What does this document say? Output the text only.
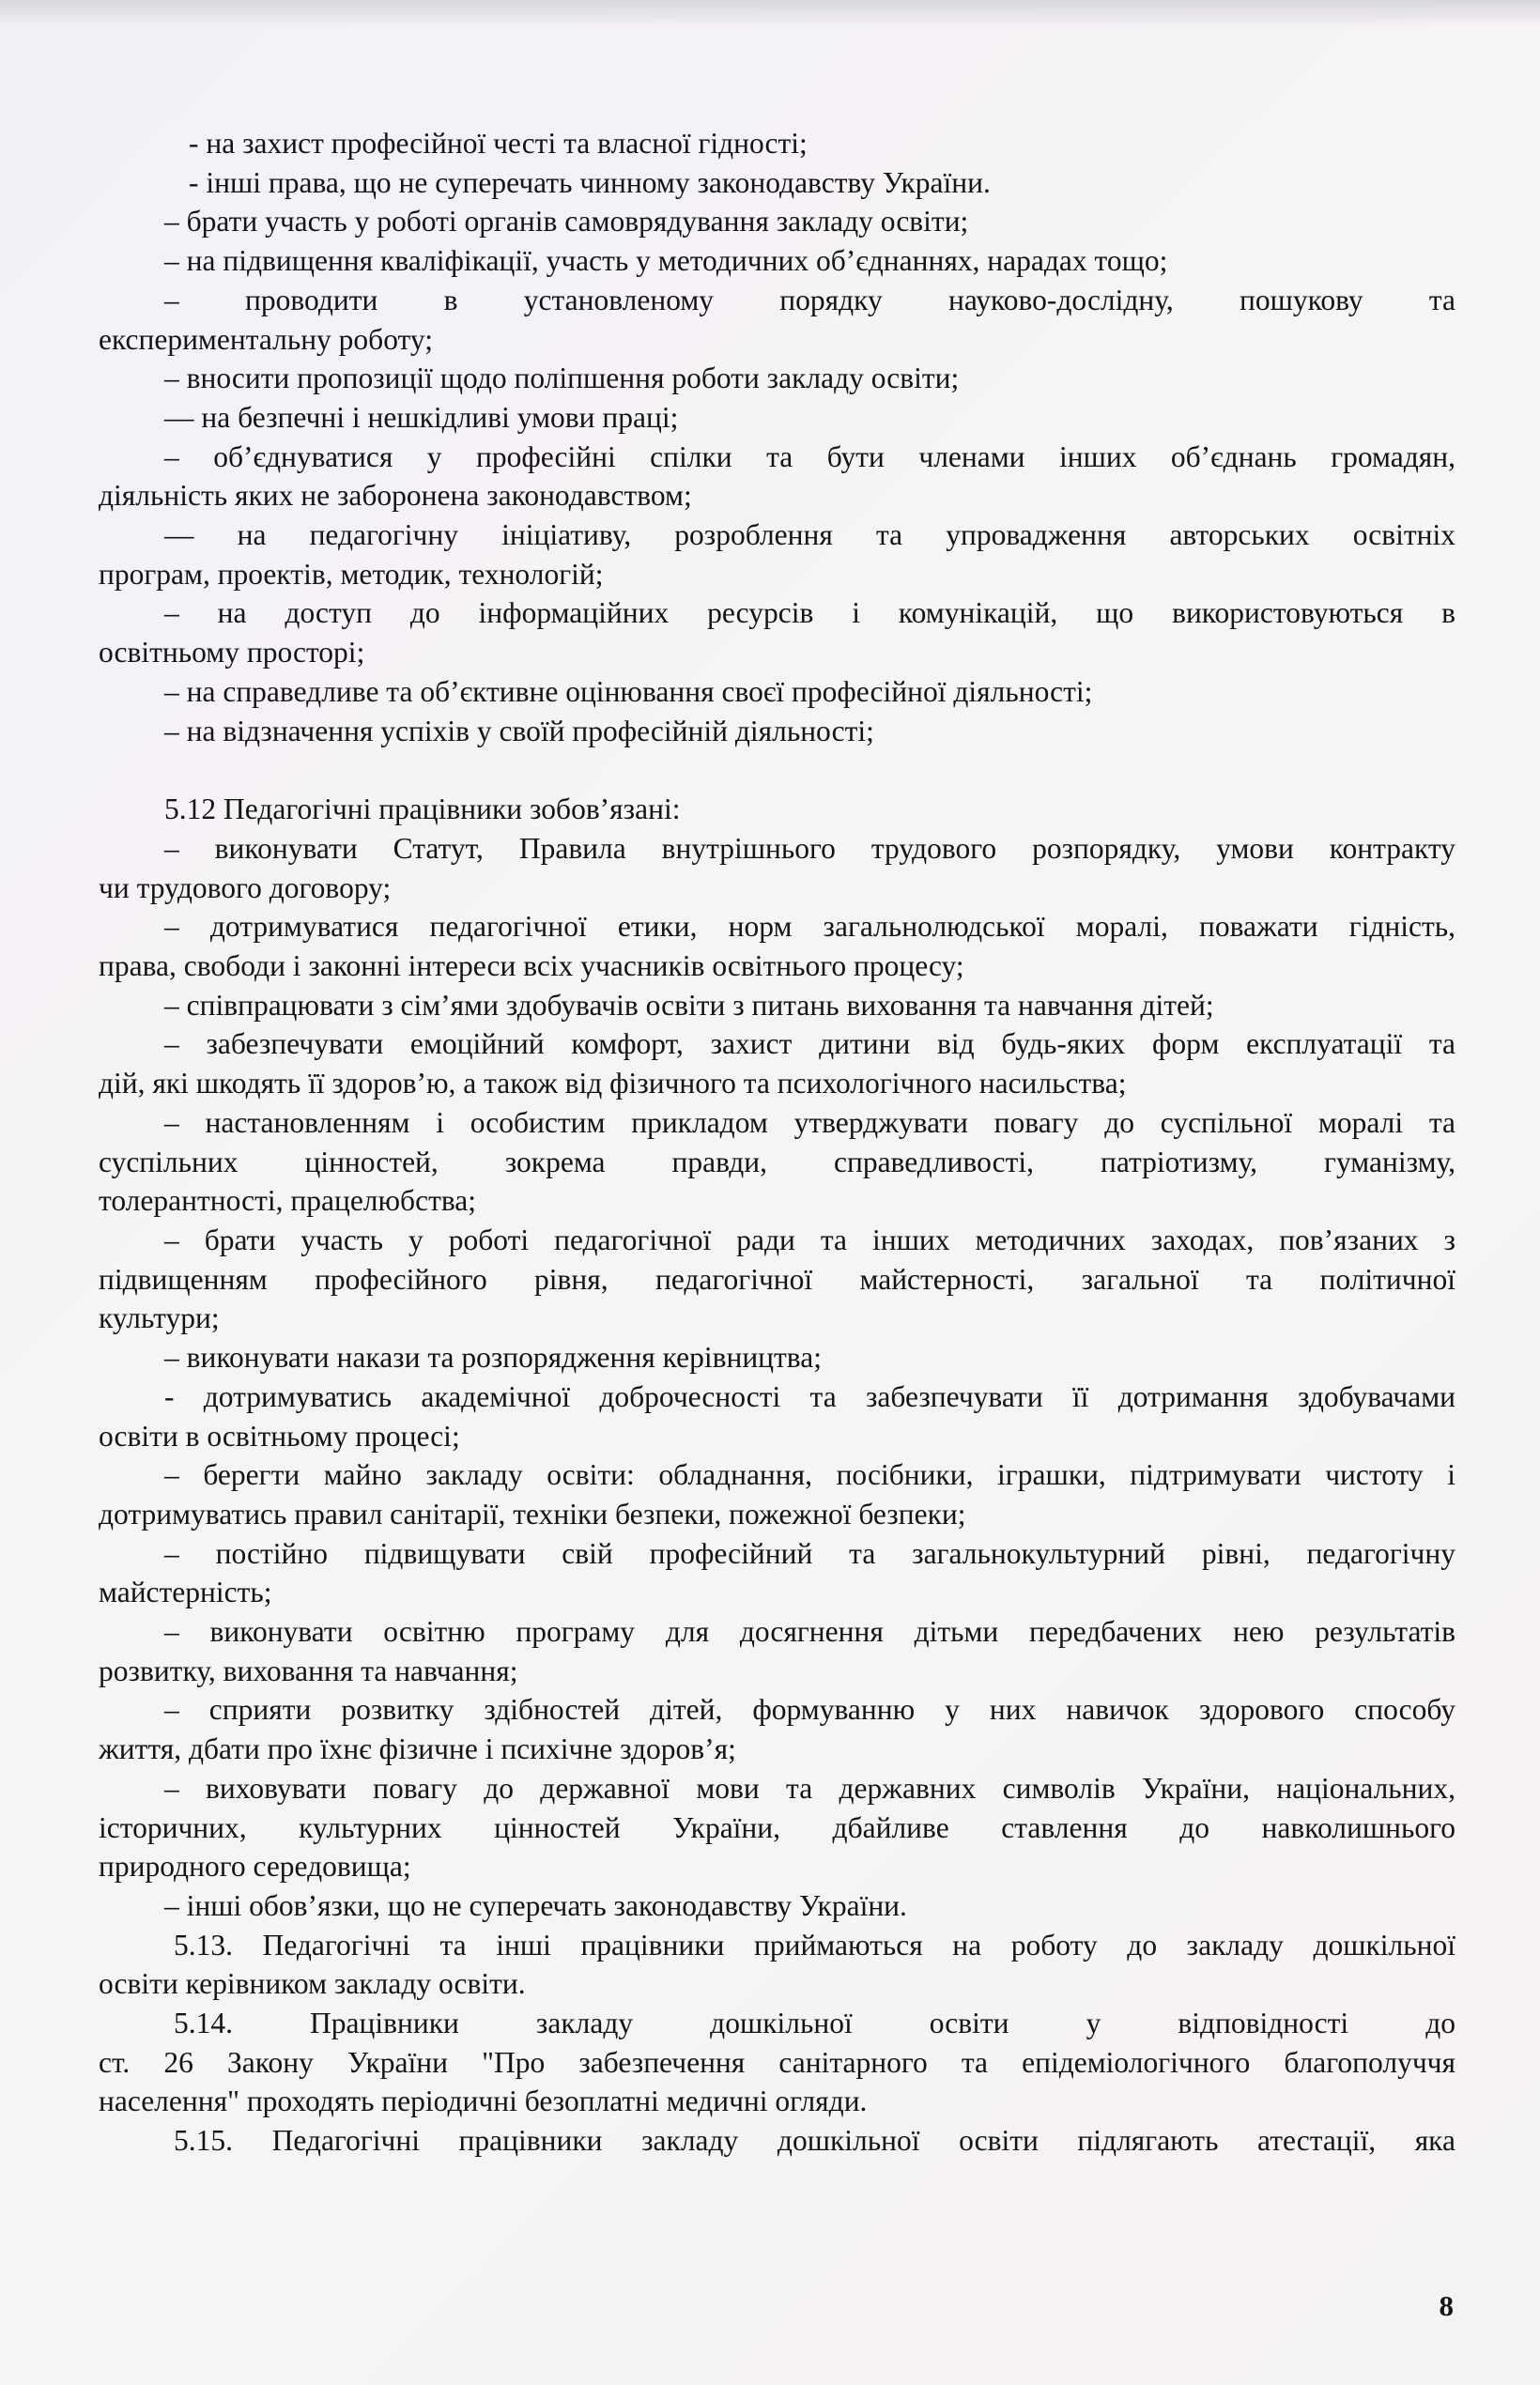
- на захист професійної честі та власної гідності;

- інші права, що не суперечать чинному законодавству України.

– брати участь у роботі органів самоврядування закладу освіти;

– на підвищення кваліфікації, участь у методичних об’єднаннях, нарадах тощо;

– проводити в установленому порядку науково-дослідну, пошукову та

експериментальну роботу;

– вносити пропозиції щодо поліпшення роботи закладу освіти;

— на безпечні і нешкідливі умови праці;

– об’єднуватися у професійні спілки та бути членами інших об’єднань громадян,

діяльність яких не заборонена законодавством;

— на педагогічну ініціативу, розроблення та упровадження авторських освітніх

програм, проектів, методик, технологій;

– на доступ до інформаційних ресурсів і комунікацій, що використовуються в

освітньому просторі;

– на справедливе та об’єктивне оцінювання своєї професійної діяльності;

– на відзначення успіхів у своїй професійній діяльності;

5.12 Педагогічні працівники зобов’язані:

– виконувати Статут, Правила внутрішнього трудового розпорядку, умови контракту

чи трудового договору;

– дотримуватися педагогічної етики, норм загальнолюдської моралі, поважати гідність,

права, свободи і законні інтереси всіх учасників освітнього процесу;

– співпрацювати з сім’ями здобувачів освіти з питань виховання та навчання дітей;

– забезпечувати емоційний комфорт, захист дитини від будь-яких форм експлуатації та

дій, які шкодять її здоров’ю, а також від фізичного та психологічного насильства;

– настановленням і особистим прикладом утверджувати повагу до суспільної моралі та

суспільних цінностей, зокрема правди, справедливості, патріотизму, гуманізму,

толерантності, працелюбства;

– брати участь у роботі педагогічної ради та інших методичних заходах, пов’язаних з

підвищенням професійного рівня, педагогічної майстерності, загальної та політичної

культури;

– виконувати накази та розпорядження керівництва;

- дотримуватись академічної доброчесності та забезпечувати її дотримання здобувачами

освіти в освітньому процесі;

– берегти майно закладу освіти: обладнання, посібники, іграшки, підтримувати чистоту і

дотримуватись правил санітарії, техніки безпеки, пожежної безпеки;

– постійно підвищувати свій професійний та загальнокультурний рівні, педагогічну

майстерність;

– виконувати освітню програму для досягнення дітьми передбачених нею результатів

розвитку, виховання та навчання;

– сприяти розвитку здібностей дітей, формуванню у них навичок здорового способу

життя, дбати про їхнє фізичне і психічне здоров’я;

– виховувати повагу до державної мови та державних символів України, національних,

історичних, культурних цінностей України, дбайливе ставлення до навколишнього

природного середовища;

– інші обов’язки, що не суперечать законодавству України.

5.13. Педагогічні та інші працівники приймаються на роботу до закладу дошкільної

освіти керівником закладу освіти.

5.14. Працівники закладу дошкільної освіти у відповідності до

ст. 26 Закону України "Про забезпечення санітарного та епідеміологічного благополуччя

населення" проходять періодичні безоплатні медичні огляди.

5.15. Педагогічні працівники закладу дошкільної освіти підлягають атестації, яка

8
